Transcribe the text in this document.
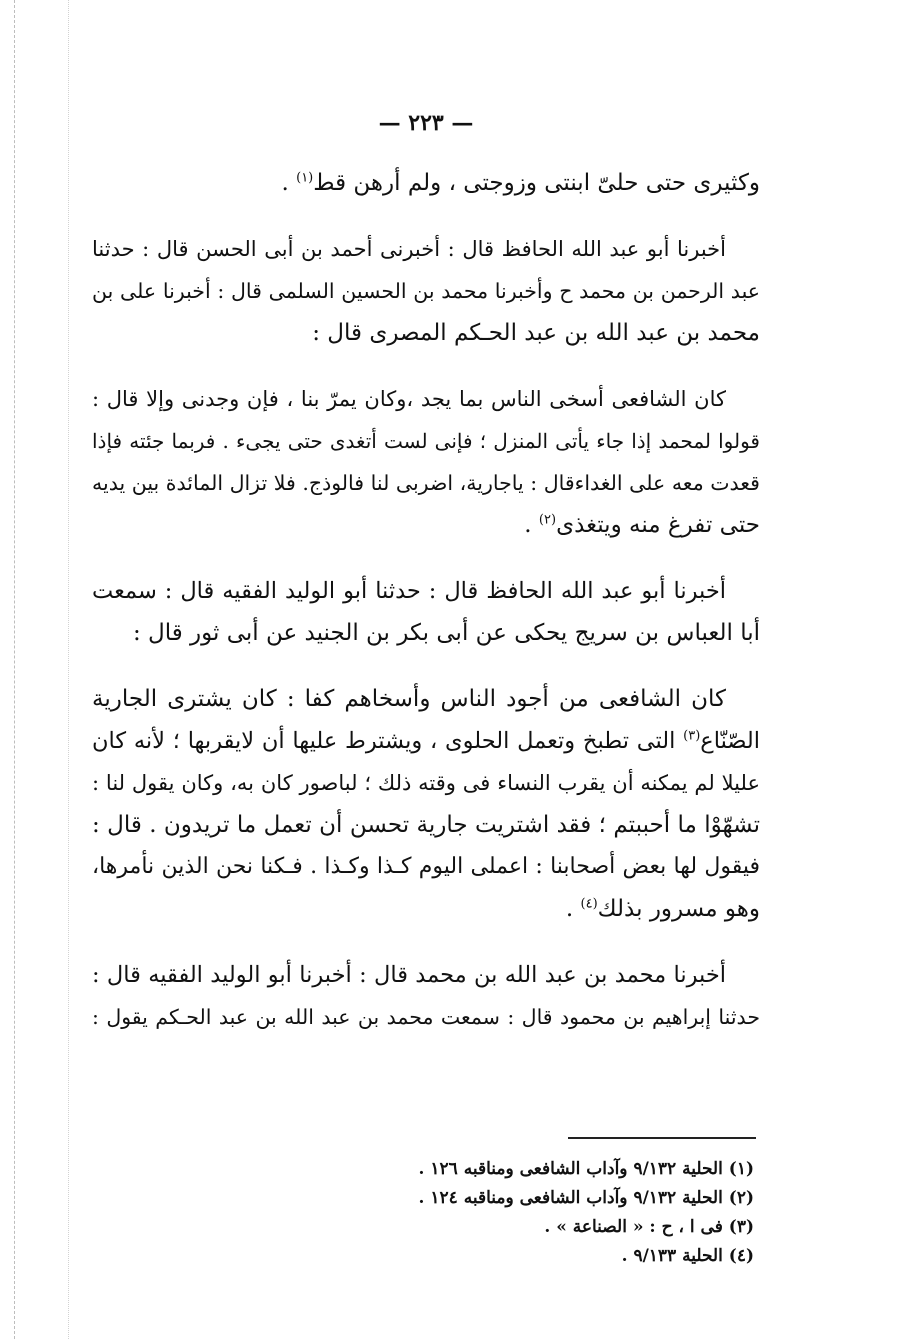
— ٢٢٣ —

وكثيرى حتى حلىّ ابنتى وزوجتى ، ولم أرهن قط$^{(١)}$ .

أخبرنا أبو عبد الله الحافظ قال : أخبرنى أحمد بن أبى الحسن قال : حدثنا

عبد الرحمن بن محمد ح وأخبرنا محمد بن الحسين السلمى قال : أخبرنا على بن

محمد بن عبد الله بن عبد الحـكم المصرى قال :

كان الشافعى أسخى الناس بما يجد ،وكان يمرّ بنا ، فإن وجدنى وإلا قال :

قولوا لمحمد إذا جاء يأتى المنزل ؛ فإنى لست أتغدى حتى يجىء . فربما جئته فإذا

قعدت معه على الغداءقال : ياجارية، اضربى لنا فالوذج. فلا تزال المائدة بين يديه

حتى تفرغ منه ويتغذى$^{(٢)}$ .

أخبرنا أبو عبد الله الحافظ قال : حدثنا أبو الوليد الفقيه قال : سمعت

أبا العباس بن سريج يحكى عن أبى بكر بن الجنيد عن أبى ثور قال :

كان الشافعى من أجود الناس وأسخاهم كفا : كان يشترى الجارية

الصّنّاع$^{(٣)}$ التى تطبخ وتعمل الحلوى ، ويشترط عليها أن لايقربها ؛ لأنه كان

عليلا لم يمكنه أن يقرب النساء فى وقته ذلك ؛ لباصور كان به، وكان يقول لنا :

تشهّوْا ما أحببتم ؛ فقد اشتريت جارية تحسن أن تعمل ما تريدون . قال :

فيقول لها بعض أصحابنا : اعملى اليوم كـذا وكـذا . فـكنا نحن الذين نأمرها،

وهو مسرور بذلك$^{(٤)}$ .

أخبرنا محمد بن عبد الله بن محمد قال : أخبرنا أبو الوليد الفقيه قال :

حدثنا إبراهيم بن محمود قال : سمعت محمد بن عبد الله بن عبد الحـكم يقول :

(١) الحلية ٩/١٣٢ وآداب الشافعى ومناقبه ١٢٦ .

(٢) الحلية ٩/١٣٢ وآداب الشافعى ومناقبه ١٢٤ .

(٣) فى ا ، ح : « الصناعة » .

(٤) الحلية ٩/١٣٣ .
